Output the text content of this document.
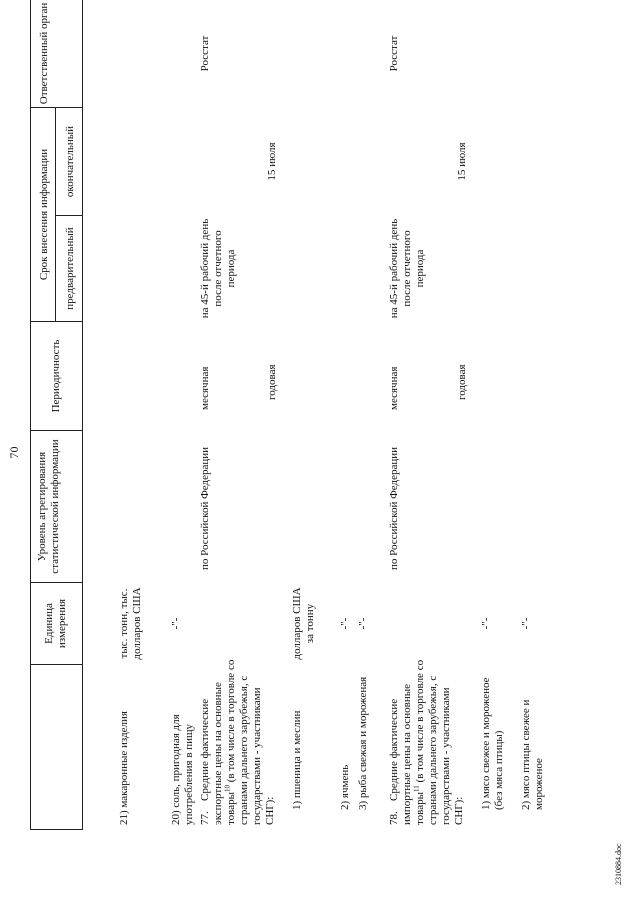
70
Единица измерения
Уровень агрегирования статистической информации
Периодичность
Срок внесения информации предварительный
окончательный
Ответственный орган
21) макаронные изделия
тыс. тонн, тыс. долларов США
20) соль, пригодная для употребления в пищу
-"-
77.
Средние фактические экспортные цены на основные товары$^{10}$ (в том числе в торговле со странами дальнего зарубежья, с государствами - участниками СНГ):
по Российской Федерации
месячная	годовая
на 45-й рабочий день после отчетного периода
15 июля
Росстат
1) пшеница и меслин
долларов США за тонну
2) ячмень
-"-
3) рыба свежая и мороженая
-"-
78.
Средние фактические импортные цены на основные товары$^{11}$ (в том числе в торговле со странами дальнего зарубежья, с государствами - участниками СНГ):
по Российской Федерации
месячная	годовая
на 45-й рабочий день после отчетного периода
15 июля
Росстат
1) мясо свежее и мороженое (без мяса птицы)
-"-
2) мясо птицы свежее и мороженое
-"-
2310884.doc
